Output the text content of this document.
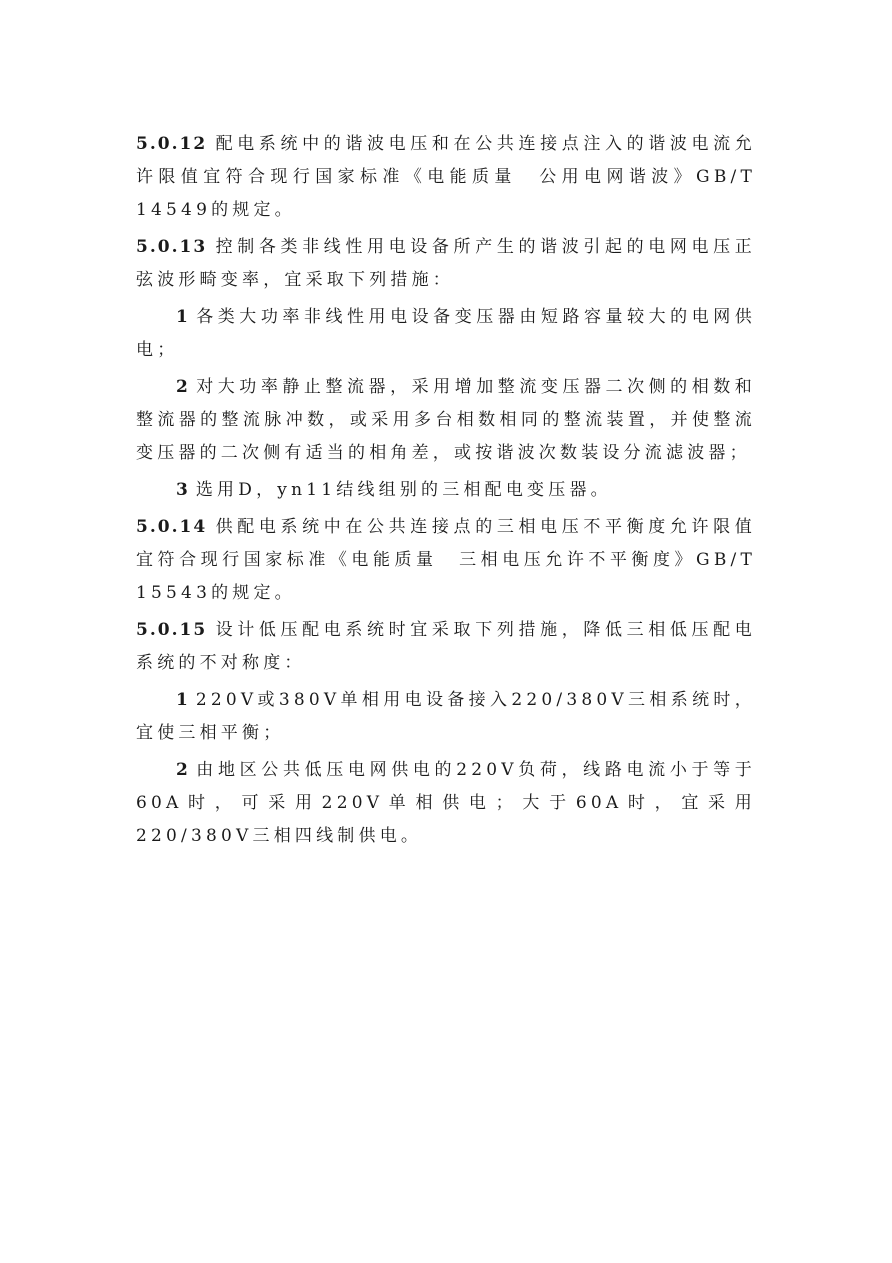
5.0.12 配电系统中的谐波电压和在公共连接点注入的谐波电流允许限值宜符合现行国家标准《电能质量　公用电网谐波》GB/T 14549的规定。

5.0.13 控制各类非线性用电设备所产生的谐波引起的电网电压正弦波形畸变率，宜采取下列措施：

1 各类大功率非线性用电设备变压器由短路容量较大的电网供电；

2 对大功率静止整流器，采用增加整流变压器二次侧的相数和整流器的整流脉冲数，或采用多台相数相同的整流装置，并使整流变压器的二次侧有适当的相角差，或按谐波次数装设分流滤波器；

3 选用D，yn11结线组别的三相配电变压器。

5.0.14 供配电系统中在公共连接点的三相电压不平衡度允许限值宜符合现行国家标准《电能质量　三相电压允许不平衡度》GB/T 15543的规定。

5.0.15 设计低压配电系统时宜采取下列措施，降低三相低压配电系统的不对称度：

1 220V或380V单相用电设备接入220/380V三相系统时，宜使三相平衡；

2 由地区公共低压电网供电的220V负荷，线路电流小于等于60A时，可采用220V单相供电；大于60A时，宜采用220/380V三相四线制供电。
